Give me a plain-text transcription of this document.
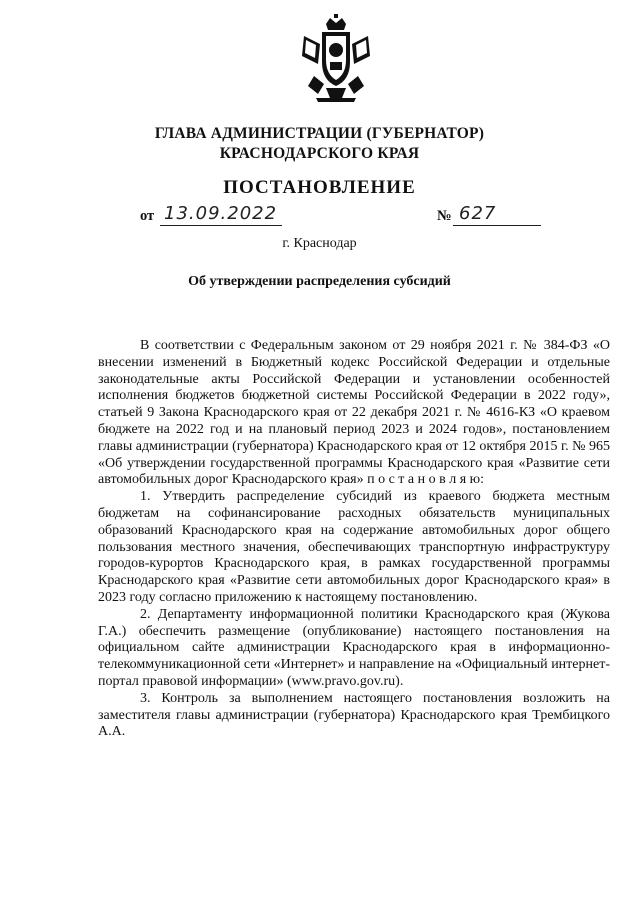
ГЛАВА АДМИНИСТРАЦИИ (ГУБЕРНАТОР)
КРАСНОДАРСКОГО КРАЯ
ПОСТАНОВЛЕНИЕ
от 13.09.2022	№ 627
г. Краснодар
Об утверждении распределения субсидий

В соответствии с Федеральным законом от 29 ноября 2021 г. № 384-ФЗ «О внесении изменений в Бюджетный кодекс Российской Федерации и отдельные законодательные акты Российской Федерации и установлении особенностей исполнения бюджетов бюджетной системы Российской Федерации в 2022 году», статьей 9 Закона Краснодарского края от 22 декабря 2021 г. № 4616-КЗ «О краевом бюджете на 2022 год и на плановый период 2023 и 2024 годов», постановлением главы администрации (губернатора) Краснодарского края от 12 октября 2015 г. № 965 «Об утверждении государственной программы Краснодарского края «Развитие сети автомобильных дорог Краснодарского края» п о с т а н о в л я ю:

1. Утвердить распределение субсидий из краевого бюджета местным бюджетам на софинансирование расходных обязательств муниципальных образований Краснодарского края на содержание автомобильных дорог общего пользования местного значения, обеспечивающих транспортную инфраструктуру городов-курортов Краснодарского края, в рамках государственной программы Краснодарского края «Развитие сети автомобильных дорог Краснодарского края» в 2023 году согласно приложению к настоящему постановлению.

2. Департаменту информационной политики Краснодарского края (Жукова Г.А.) обеспечить размещение (опубликование) настоящего постановления на официальном сайте администрации Краснодарского края в информационно-телекоммуникационной сети «Интернет» и направление на «Официальный интернет-портал правовой информации» (www.pravo.gov.ru).

3. Контроль за выполнением настоящего постановления возложить на заместителя главы администрации (губернатора) Краснодарского края Трембицкого А.А.
